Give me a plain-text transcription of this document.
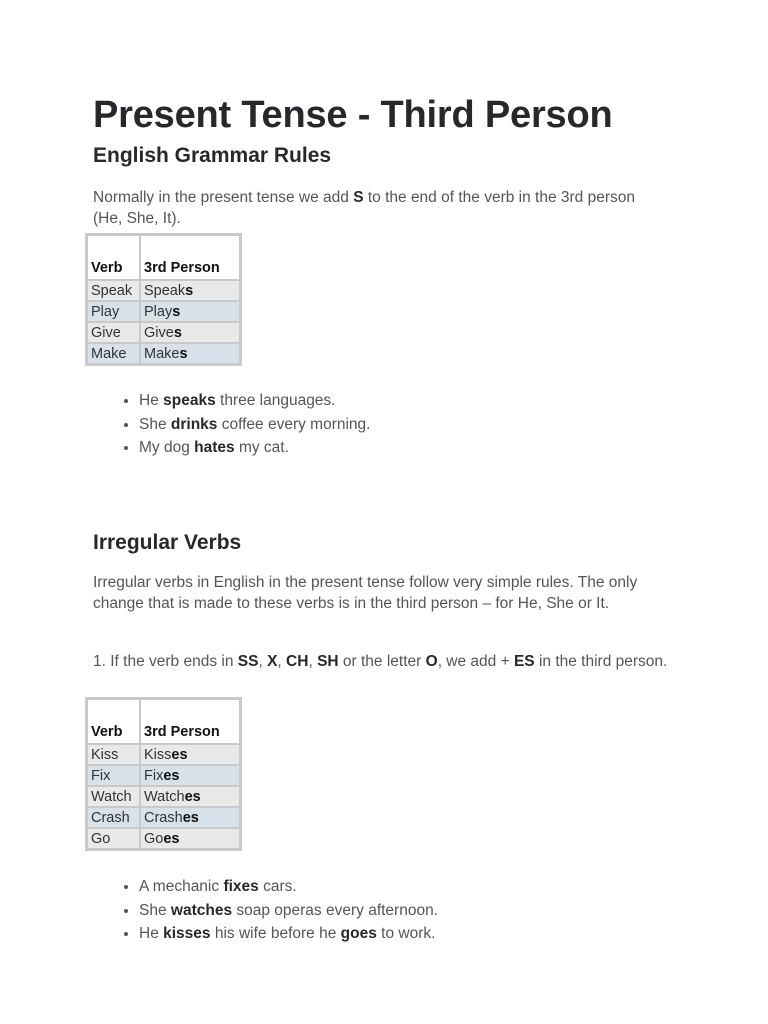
Present Tense - Third Person
English Grammar Rules

Normally in the present tense we add S to the end of the verb in the 3rd person (He, She, It).

Verb	3rd Person
Speak	Speaks
Play	Plays
Give	Gives
Make	Makes
• He speaks three languages.
• She drinks coffee every morning.
• My dog hates my cat.
Irregular Verbs

Irregular verbs in English in the present tense follow very simple rules. The only change that is made to these verbs is in the third person – for He, She or It.

1. If the verb ends in SS, X, CH, SH or the letter O, we add + ES in the third person.

Verb	3rd Person
Kiss	Kisses
Fix	Fixes
Watch	Watches
Crash	Crashes
Go	Goes
• A mechanic fixes cars.
• She watches soap operas every afternoon.
• He kisses his wife before he goes to work.
